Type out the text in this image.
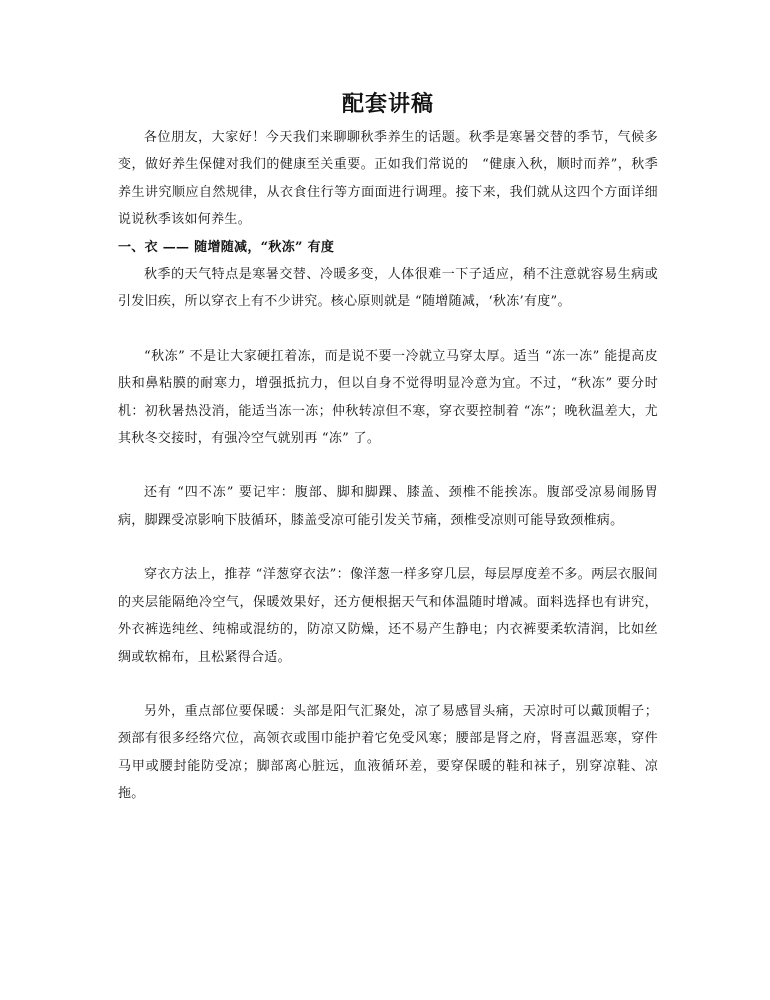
配套讲稿

各位朋友，大家好！今天我们来聊聊秋季养生的话题。秋季是寒暑交替的季节，气候多变，做好养生保健对我们的健康至关重要。正如我们常说的　“健康入秋，顺时而养”，秋季养生讲究顺应自然规律，从衣食住行等方面面进行调理。接下来，我们就从这四个方面详细说说秋季该如何养生。

一、衣 —— 随增随减，“秋冻” 有度

秋季的天气特点是寒暑交替、冷暖多变，人体很难一下子适应，稍不注意就容易生病或引发旧疾，所以穿衣上有不少讲究。核心原则就是 “随增随减，‘秋冻’有度”。

“秋冻” 不是让大家硬扛着冻，而是说不要一冷就立马穿太厚。适当 “冻一冻” 能提高皮肤和鼻粘膜的耐寒力，增强抵抗力，但以自身不觉得明显冷意为宜。不过，“秋冻” 要分时机：初秋暑热没消，能适当冻一冻；仲秋转凉但不寒，穿衣要控制着 “冻”；晚秋温差大，尤其秋冬交接时，有强冷空气就别再 “冻” 了。

还有 “四不冻” 要记牢：腹部、脚和脚踝、膝盖、颈椎不能挨冻。腹部受凉易闹肠胃病，脚踝受凉影响下肢循环，膝盖受凉可能引发关节痛，颈椎受凉则可能导致颈椎病。

穿衣方法上，推荐 “洋葱穿衣法”：像洋葱一样多穿几层，每层厚度差不多。两层衣服间的夹层能隔绝冷空气，保暖效果好，还方便根据天气和体温随时增减。面料选择也有讲究，外衣裤选纯丝、纯棉或混纺的，防凉又防燥，还不易产生静电；内衣裤要柔软清润，比如丝绸或软棉布，且松紧得合适。

另外，重点部位要保暖：头部是阳气汇聚处，凉了易感冒头痛，天凉时可以戴顶帽子；颈部有很多经络穴位，高领衣或围巾能护着它免受风寒；腰部是肾之府，肾喜温恶寒，穿件马甲或腰封能防受凉；脚部离心脏远，血液循环差，要穿保暖的鞋和袜子，别穿凉鞋、凉拖。
